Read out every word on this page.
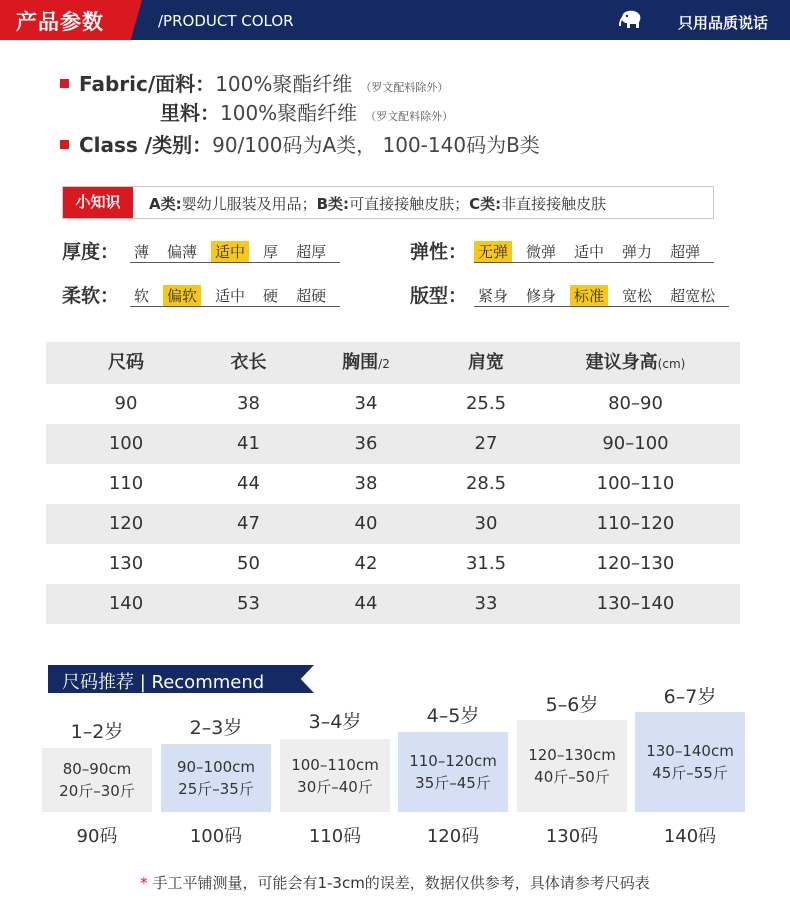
产品参数	/PRODUCT COLOR	只用品质说话
Fabric/面料：100%聚酯纤维 （罗文配料除外）
里料：100%聚酯纤维 （罗文配料除外）
Class /类别：90/100码为A类， 100-140码为B类
小知识	A类:婴幼儿服装及用品；B类:可直接接触皮肤；C类:非直接接触皮肤
厚度： 薄 偏薄 适中 厚 超厚	弹性： 无弹 微弹 适中 弹力 超弹
柔软： 软 偏软 适中 硬 超硬	版型： 紧身 修身 标准 宽松 超宽松
尺码	衣长	胸围/2	肩宽	建议身高(cm)
90	38	34	25.5	80–90
100	41	36	27	90–100
110	44	38	28.5	100–110
120	47	40	30	110–120
130	50	42	31.5	120–130
140	53	44	33	130–140
尺码推荐 | Recommend
1–2岁
80–90cm
20斤–30斤
90码
2–3岁
90–100cm
25斤–35斤
100码
3–4岁
100–110cm
30斤–40斤
110码
4–5岁
110–120cm
35斤–45斤
120码
5–6岁
120–130cm
40斤–50斤
130码
6–7岁
130–140cm
45斤–55斤
140码
* 手工平铺测量，可能会有1-3cm的误差，数据仅供参考，具体请参考尺码表
